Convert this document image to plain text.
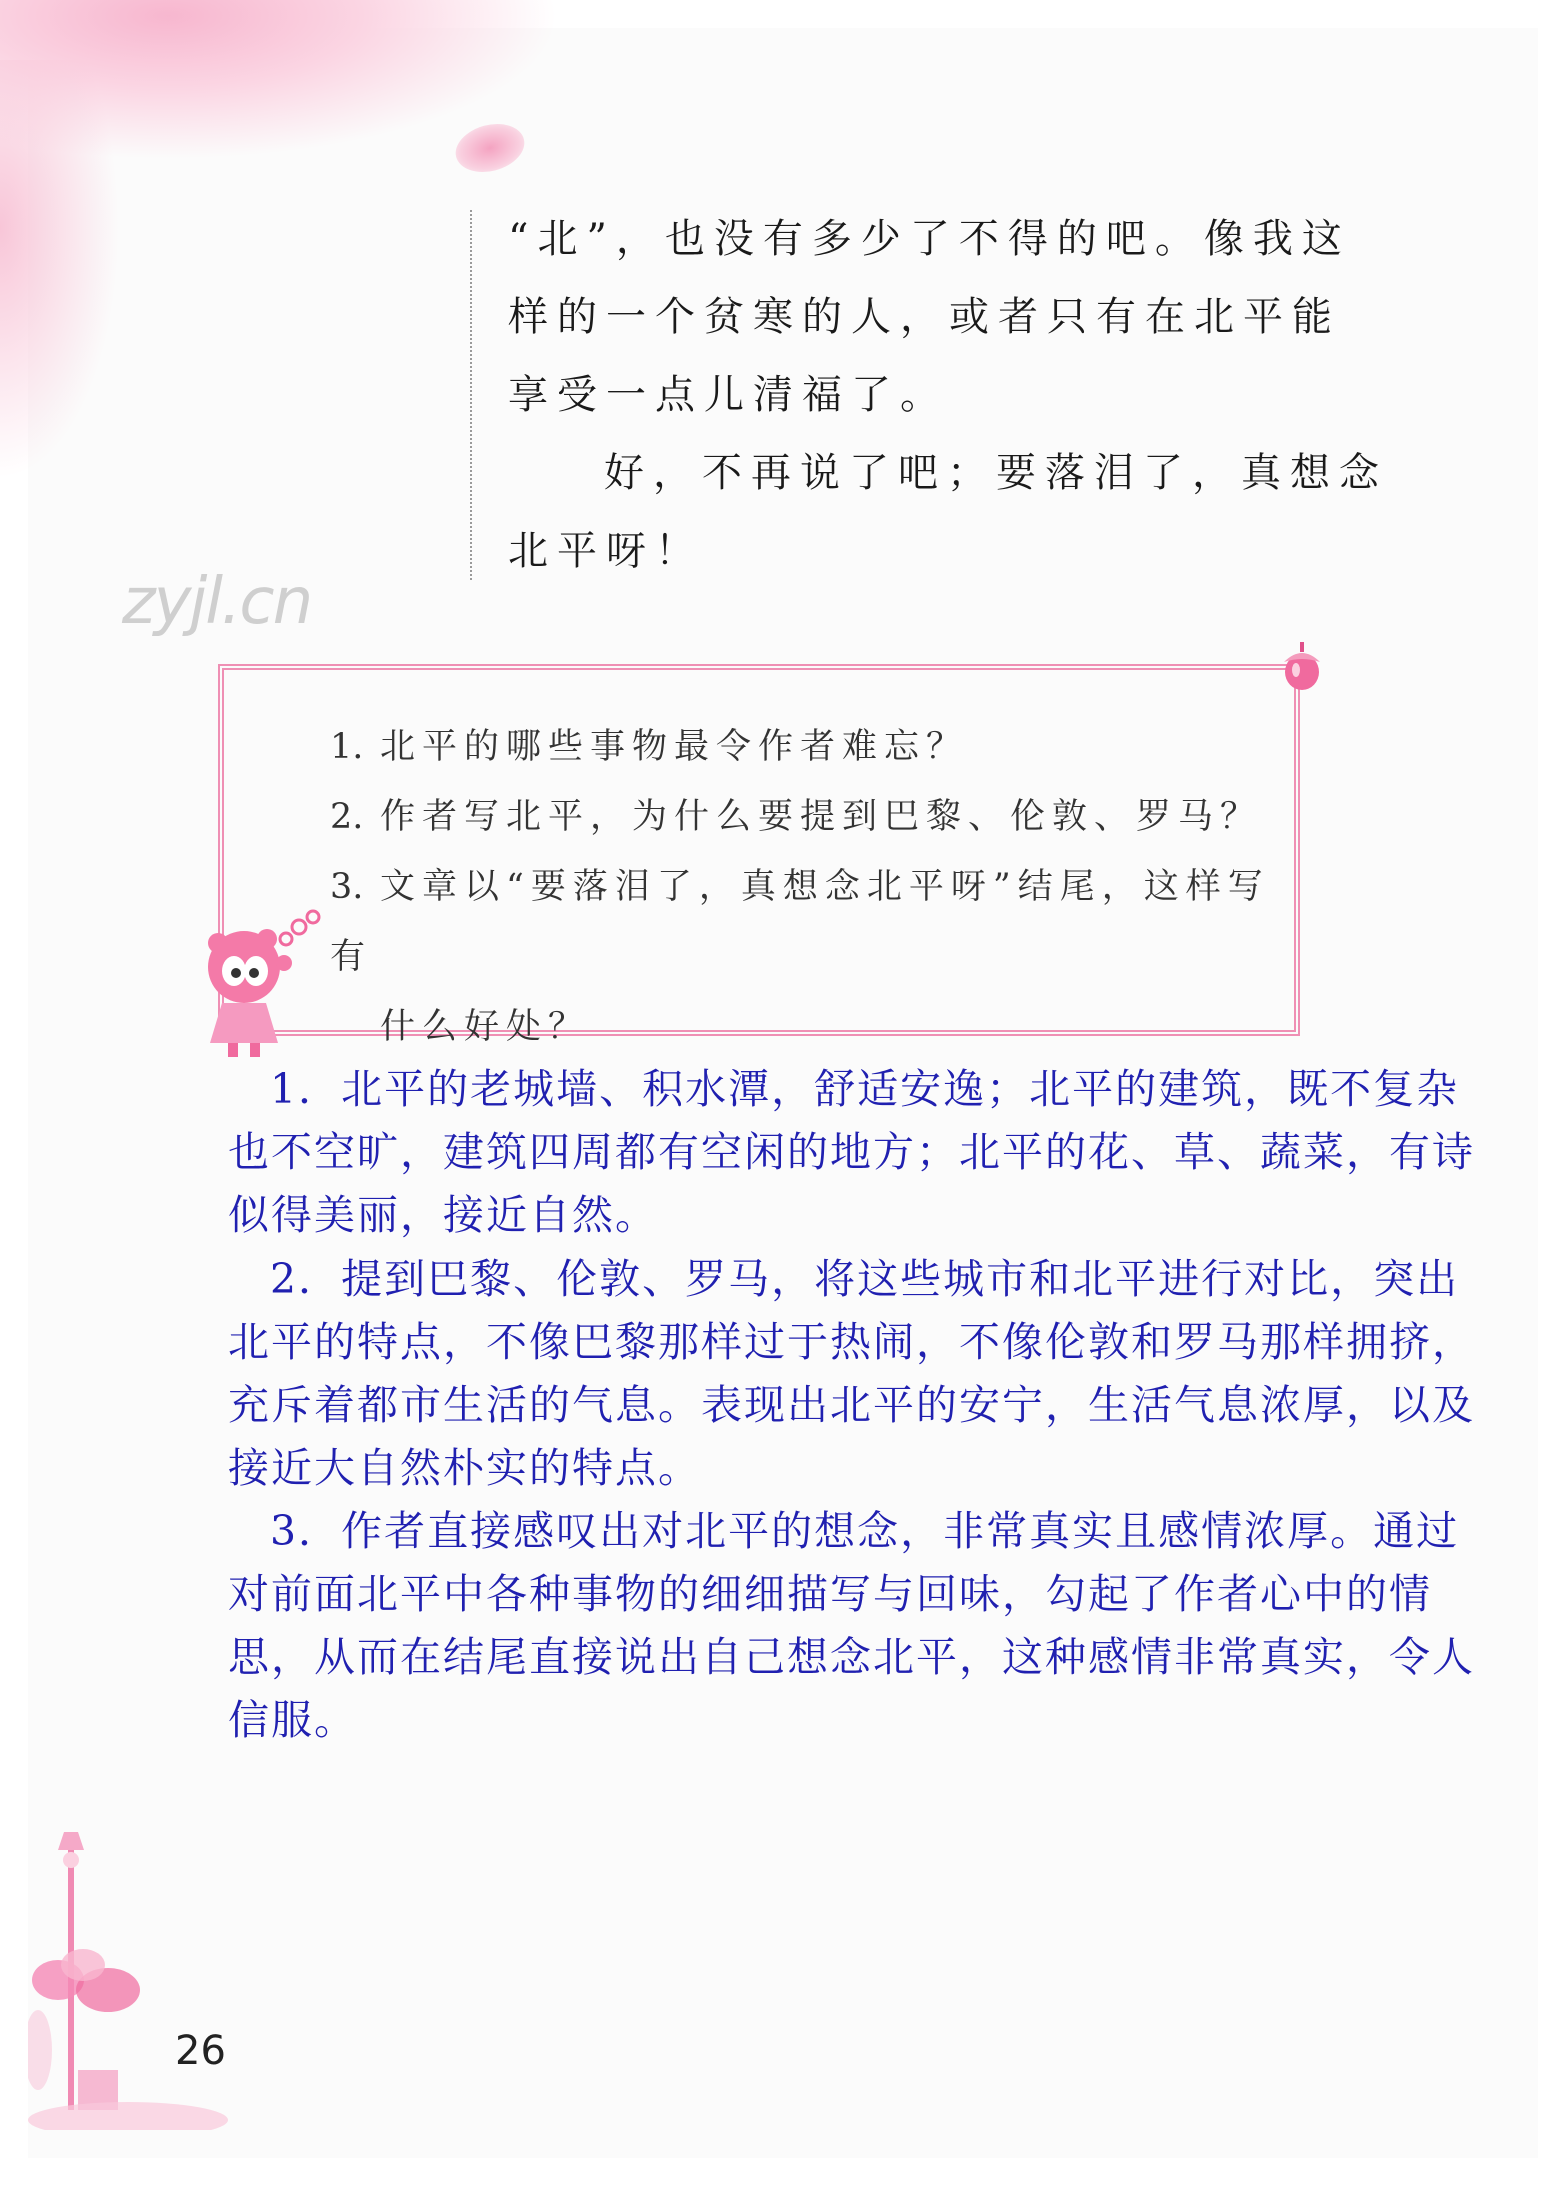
“北”，也没有多少了不得的吧。像我这样的一个贫寒的人，或者只有在北平能享受一点儿清福了。

好，不再说了吧；要落泪了，真想念北平呀！

zyjl.cn

1. 北平的哪些事物最令作者难忘？

2. 作者写北平，为什么要提到巴黎、伦敦、罗马？

3. 文章以“要落泪了，真想念北平呀”结尾，这样写有
什么好处？

1．北平的老城墙、积水潭，舒适安逸；北平的建筑，既不复杂也不空旷，建筑四周都有空闲的地方；北平的花、草、蔬菜，有诗似得美丽，接近自然。

2．提到巴黎、伦敦、罗马，将这些城市和北平进行对比，突出北平的特点，不像巴黎那样过于热闹，不像伦敦和罗马那样拥挤，充斥着都市生活的气息。表现出北平的安宁，生活气息浓厚，以及接近大自然朴实的特点。

3．作者直接感叹出对北平的想念，非常真实且感情浓厚。通过对前面北平中各种事物的细细描写与回味，勾起了作者心中的情思，从而在结尾直接说出自己想念北平，这种感情非常真实，令人信服。

26
